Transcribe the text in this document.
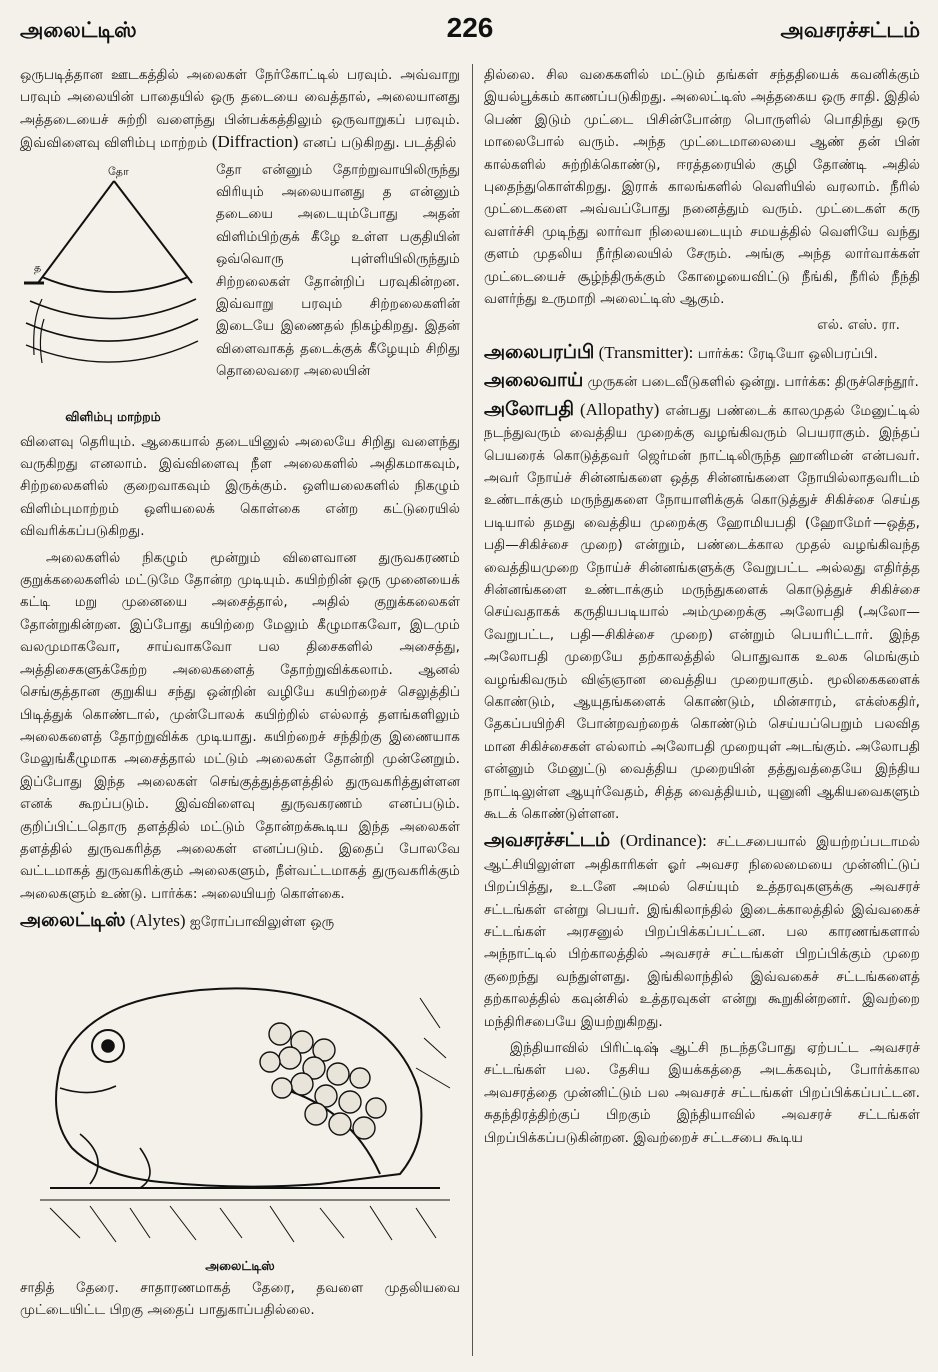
அலைட்டிஸ்	226	அவசரச்சட்டம்

ஒருபடித்தான ஊடகத்தில் அலைகள் நேர்கோட்டில் பரவும். அவ்வாறு பரவும் அலையின் பாதையில் ஒரு தடையை வைத்தால், அலையானது அத்தடையைச் சுற்றி வளைந்து பின்பக்கத்திலும் ஒருவாறுகப் பரவும். இவ்விளைவு விளிம்பு மாற்றம் (Diffraction) எனப் படுகிறது. படத்தில்

தோ
த
விளிம்பு மாற்றம்

தோ என்னும் தோற்றுவாயிலிருந்து விரியும் அலையானது த என்னும் தடையை அடையும்போது அதன் விளிம்பிற்குக் கீழே உள்ள பகுதியின் ஒவ்வொரு புள்ளியிலிருந்தும் சிற்றலைகள் தோன்றிப் பரவுகின்றன. இவ்வாறு பரவும் சிற்றலைகளின் இடையே இணைதல் நிகழ்கிறது. இதன் விளைவாகத் தடைக்குக் கீழேயும் சிறிது தொலைவரை அலையின்

விளைவு தெரியும். ஆகையால் தடையினுல் அலையே சிறிது வளைந்து வருகிறது எனலாம். இவ்விளைவு நீள அலைகளில் அதிகமாகவும், சிற்றலைகளில் குறைவாகவும் இருக்கும். ஒளியலைகளில் நிகழும் விளிம்புமாற்றம் ஒளியலைக் கொள்கை என்ற கட்டுரையில் விவரிக்கப்படுகிறது.

அலைகளில் நிகழும் மூன்றும் விளைவான துருவகரணம் குறுக்கலைகளில் மட்டுமே தோன்ற முடியும். கயிற்றின் ஒரு முனையைக் கட்டி மறு முனையை அசைத்தால், அதில் குறுக்கலைகள் தோன்றுகின்றன. இப்போது கயிற்றை மேலும் கீழுமாகவோ, இடமும் வலமுமாகவோ, சாய்வாகவோ பல திசைகளில் அசைத்து, அத்திசைகளுக்கேற்ற அலைகளைத் தோற்றுவிக்கலாம். ஆனல் செங்குத்தான குறுகிய சந்து ஒன்றின் வழியே கயிற்றைச் செலுத்திப் பிடித்துக் கொண்டால், முன்போலக் கயிற்றில் எல்லாத் தளங்களிலும் அலைகளைத் தோற்றுவிக்க முடியாது. கயிற்றைச் சந்திற்கு இணையாக மேலுங்கீழுமாக அசைத்தால் மட்டும் அலைகள் தோன்றி முன்னேறும். இப்போது இந்த அலைகள் செங்குத்துத்தளத்தில் துருவகரித்துள்ளன எனக் கூறப்படும். இவ்விளைவு துருவகரணம் எனப்படும். குறிப்பிட்டதொரு தளத்தில் மட்டும் தோன்றக்கூடிய இந்த அலைகள் தளத்தில் துருவகரித்த அலைகள் எனப்படும். இதைப் போலவே வட்டமாகத் துருவகரிக்கும் அலைகளும், நீள்வட்டமாகத் துருவகரிக்கும் அலைகளும் உண்டு. பார்க்க: அலையியற் கொள்கை.

அலைட்டிஸ் (Alytes) ஐரோப்பாவிலுள்ள ஒரு

அலைட்டிஸ்

சாதித் தேரை. சாதாரணமாகத் தேரை, தவளை முதலியவை முட்டையிட்ட பிறகு அதைப் பாதுகாப்பதில்லை.

தில்லை. சில வகைகளில் மட்டும் தங்கள் சந்ததியைக் கவனிக்கும் இயல்பூக்கம் காணப்படுகிறது. அலைட்டிஸ் அத்தகைய ஒரு சாதி. இதில் பெண் இடும் முட்டை பிசின்போன்ற பொருளில் பொதிந்து ஒரு மாலைபோல் வரும். அந்த முட்டைமாலையை ஆண் தன் பின் கால்களில் சுற்றிக்கொண்டு, ஈரத்தரையில் குழி தோண்டி அதில் புதைந்துகொள்கிறது. இராக் காலங்களில் வெளியில் வரலாம். நீரில் முட்டைகளை அவ்வப்போது நனைத்தும் வரும். முட்டைகள் கரு வளர்ச்சி முடிந்து லார்வா நிலையடையும் சமயத்தில் வெளியே வந்து குளம் முதலிய நீர்நிலையில் சேரும். அங்கு அந்த லார்வாக்கள் முட்டையைச் சூழ்ந்திருக்கும் கோழையைவிட்டு நீங்கி, நீரில் நீந்தி வளர்ந்து உருமாறி அலைட்டிஸ் ஆகும்.

எல். எஸ். ரா.

அலைபரப்பி (Transmitter): பார்க்க: ரேடியோ ஒலிபரப்பி.

அலைவாய் முருகன் படைவீடுகளில் ஒன்று. பார்க்க: திருச்செந்தூர்.

அலோபதி (Allopathy) என்பது பண்டைக் காலமுதல் மேனுட்டில் நடந்துவரும் வைத்திய முறைக்கு வழங்கிவரும் பெயராகும். இந்தப் பெயரைக் கொடுத்தவர் ஜெர்மன் நாட்டிலிருந்த ஹானிமன் என்பவர். அவர் நோய்ச் சின்னங்களை ஒத்த சின்னங்களை நோயில்லாதவரிடம் உண்டாக்கும் மருந்துகளை நோயாளிக்குக் கொடுத்துச் சிகிச்சை செய்த படியால் தமது வைத்திய முறைக்கு ஹோமியபதி (ஹோமோ்—ஒத்த, பதி—சிகிச்சை முறை) என்றும், பண்டைக்கால முதல் வழங்கிவந்த வைத்தியமுறை நோய்ச் சின்னங்களுக்கு வேறுபட்ட அல்லது எதிர்த்த சின்னங்களை உண்டாக்கும் மருந்துகளைக் கொடுத்துச் சிகிச்சை செய்வதாகக் கருதியபடியால் அம்முறைக்கு அலோபதி (அலோ—வேறுபட்ட, பதி—சிகிச்சை முறை) என்றும் பெயரிட்டார். இந்த அலோபதி முறையே தற்காலத்தில் பொதுவாக உலக மெங்கும் வழங்கிவரும் விஞ்ஞான வைத்திய முறையாகும். மூலிகைகளைக் கொண்டும், ஆயுதங்களைக் கொண்டும், மின்சாரம், எக்ஸ்கதிர், தேகப்பயிற்சி போன்றவற்றைக் கொண்டும் செய்யப்பெறும் பலவித மான சிகிச்சைகள் எல்லாம் அலோபதி முறையுள் அடங்கும். அலோபதி என்னும் மேனுட்டு வைத்திய முறையின் தத்துவத்தையே இந்திய நாட்டிலுள்ள ஆயுர்வேதம், சித்த வைத்தியம், யுனுனி ஆகியவைகளும் கூடக் கொண்டுள்ளன.

அவசரச்சட்டம் (Ordinance): சட்டசபையால் இயற்றப்படாமல் ஆட்சியிலுள்ள அதிகாரிகள் ஓர் அவசர நிலைமையை முன்னிட்டுப் பிறப்பித்து, உடனே அமல் செய்யும் உத்தரவுகளுக்கு அவசரச் சட்டங்கள் என்று பெயர். இங்கிலாந்தில் இடைக்காலத்தில் இவ்வகைச் சட்டங்கள் அரசனுல் பிறப்பிக்கப்பட்டன. பல காரணங்களால் அந்நாட்டில் பிற்காலத்தில் அவசரச் சட்டங்கள் பிறப்பிக்கும் முறை குறைந்து வந்துள்ளது. இங்கிலாந்தில் இவ்வகைச் சட்டங்களைத் தற்காலத்தில் கவுன்சில் உத்தரவுகள் என்று கூறுகின்றனர். இவற்றை மந்திரிசபையே இயற்றுகிறது.

இந்தியாவில் பிரிட்டிஷ் ஆட்சி நடந்தபோது ஏற்பட்ட அவசரச் சட்டங்கள் பல. தேசிய இயக்கத்தை அடக்கவும், போர்க்கால அவசரத்தை முன்னிட்டும் பல அவசரச் சட்டங்கள் பிறப்பிக்கப்பட்டன. சுதந்திரத்திற்குப் பிறகும் இந்தியாவில் அவசரச் சட்டங்கள் பிறப்பிக்கப்படுகின்றன. இவற்றைச் சட்டசபை கூடிய
